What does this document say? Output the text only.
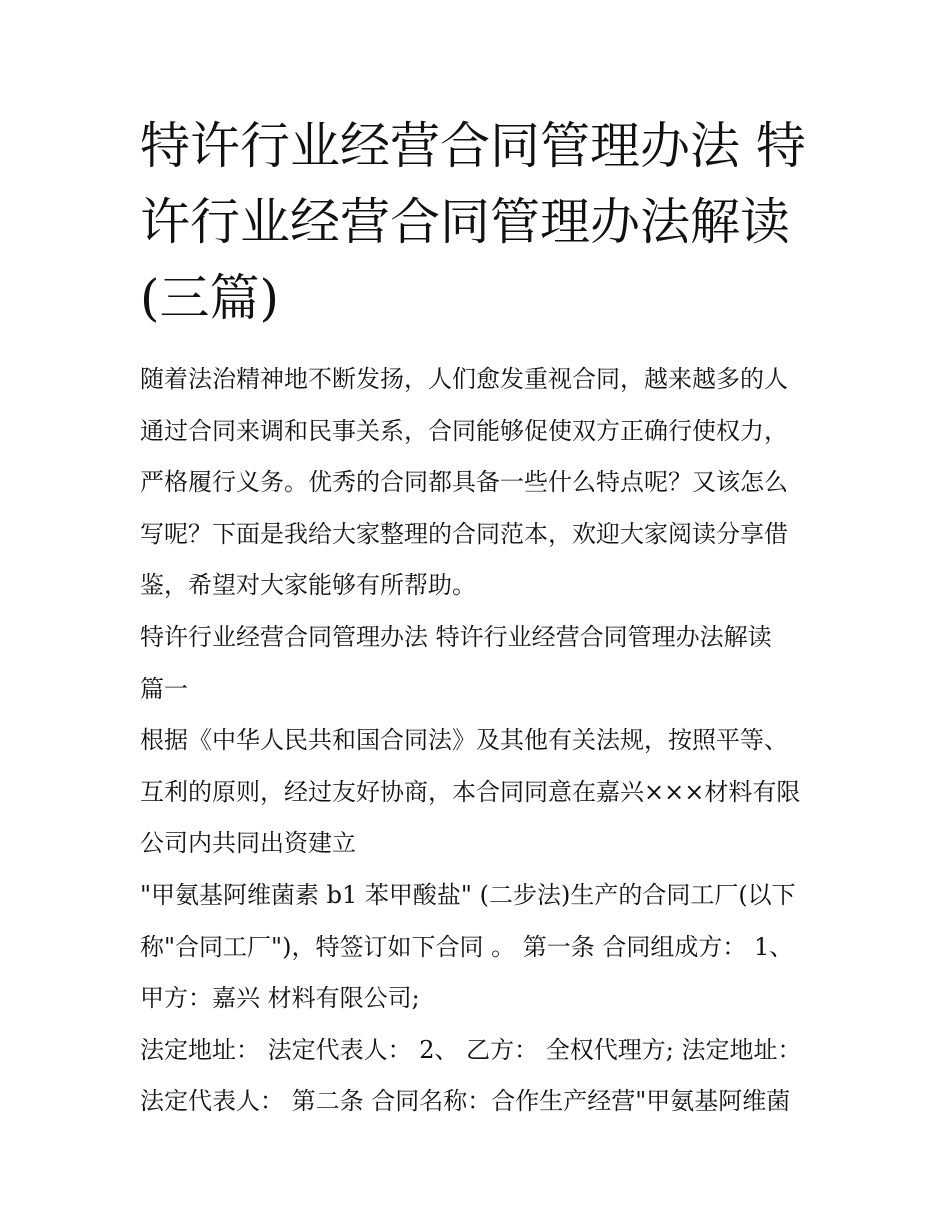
特许行业经营合同管理办法 特
许行业经营合同管理办法解读
(三篇)
随着法治精神地不断发扬，人们愈发重视合同，越来越多的人
通过合同来调和民事关系，合同能够促使双方正确行使权力，
严格履行义务。优秀的合同都具备一些什么特点呢？又该怎么
写呢？下面是我给大家整理的合同范本，欢迎大家阅读分享借
鉴，希望对大家能够有所帮助。
特许行业经营合同管理办法 特许行业经营合同管理办法解读
篇一
根据《中华人民共和国合同法》及其他有关法规，按照平等、
互利的原则，经过友好协商，本合同同意在嘉兴×××材料有限
公司内共同出资建立
"甲氨基阿维菌素 b1 苯甲酸盐" (二步法)生产的合同工厂(以下
称"合同工厂")，特签订如下合同 。 第一条 合同组成方： 1、
甲方：嘉兴 材料有限公司;
法定地址： 法定代表人： 2、 乙方： 全权代理方; 法定地址：
法定代表人： 第二条 合同名称：合作生产经营"甲氨基阿维菌
